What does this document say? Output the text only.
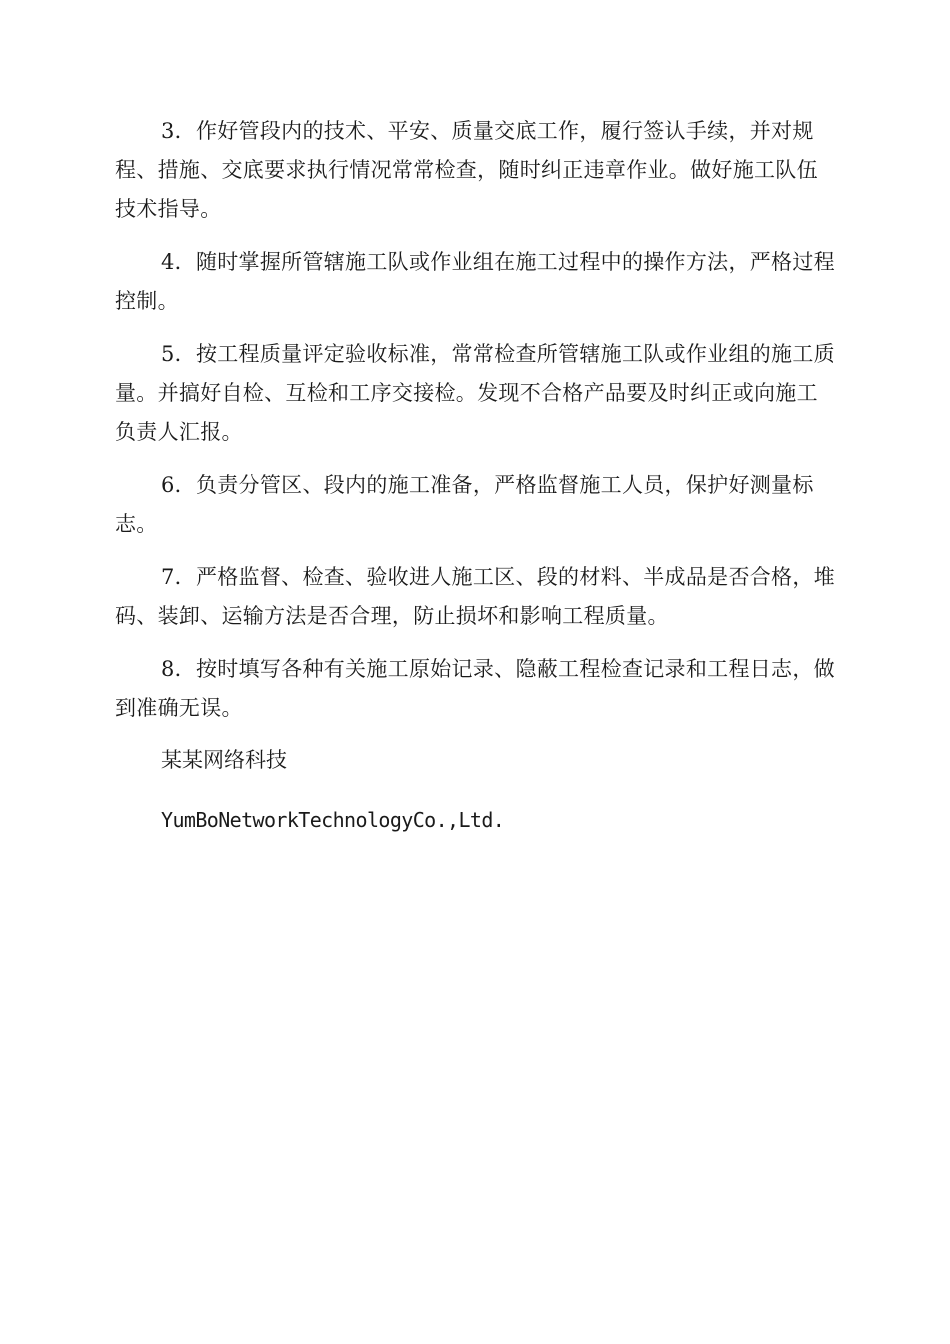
3．作好管段内的技术、平安、质量交底工作，履行签认手续，并对规程、措施、交底要求执行情况常常检查，随时纠正违章作业。做好施工队伍技术指导。

4．随时掌握所管辖施工队或作业组在施工过程中的操作方法，严格过程控制。

5．按工程质量评定验收标准，常常检查所管辖施工队或作业组的施工质量。并搞好自检、互检和工序交接检。发现不合格产品要及时纠正或向施工负责人汇报。

6．负责分管区、段内的施工准备，严格监督施工人员，保护好测量标志。

7．严格监督、检查、验收进人施工区、段的材料、半成品是否合格，堆码、装卸、运输方法是否合理，防止损坏和影响工程质量。

8．按时填写各种有关施工原始记录、隐蔽工程检查记录和工程日志，做到准确无误。

某某网络科技

YumBoNetworkTechnologyCo.,Ltd.
